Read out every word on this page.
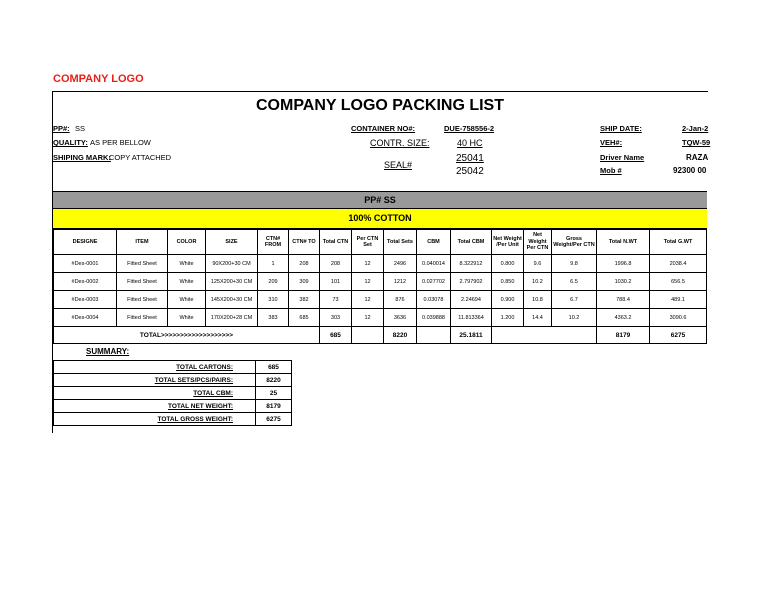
COMPANY LOGO
COMPANY LOGO PACKING LIST
PP#: SS
QUALITY: AS PER BELLOW
SHIPING MARK:
COPY ATTACHED
CONTAINER NO#:	DUE-758556-2
CONTR. SIZE:	40 HC
SEAL#
25041
25042
SHIP DATE:	2-Jan-2
VEH#:	TQW-59
Driver Name	RAZA
Mob #	92300 00
PP# SS
100% COTTON
DESIGNE	ITEM	COLOR	SIZE	CTN# FROM	CTN# TO	Total CTN	Per CTN Set	Total Sets	CBM	Total CBM	Net Weight /Per Unit	Net Weight Per CTN	Gross Weight/Per CTN	Total N.WT	Total G.WT
#Des-0001	Fitted Sheet	White	90X200+30 CM	1	208	208	12	2496	0.040014	8.322912	0.800	9.6	9.8	1996.8	2038.4
#Des-0002	Fitted Sheet	White	125X200+30 CM	209	309	101	12	1212	0.027702	2.797902	0.850	10.2	6.5	1030.2	656.5
#Des-0003	Fitted Sheet	White	145X200+30 CM	310	382	73	12	876	0.03078	2.24694	0.900	10.8	6.7	788.4	489.1
#Des-0004	Fitted Sheet	White	170X200+28 CM	383	685	303	12	3636	0.039888	11.813364	1.200	14.4	10.2	4363.2	3090.6
TOTAL>>>>>>>>>>>>>>>>>>>						685		8220		25.1811				8179	6275
SUMMARY:
TOTAL CARTONS:	685
TOTAL SETS/PCS/PAIRS:	8220
TOTAL CBM:	25
TOTAL NET WEIGHT:	8179
TOTAL GROSS WEIGHT:	6275
